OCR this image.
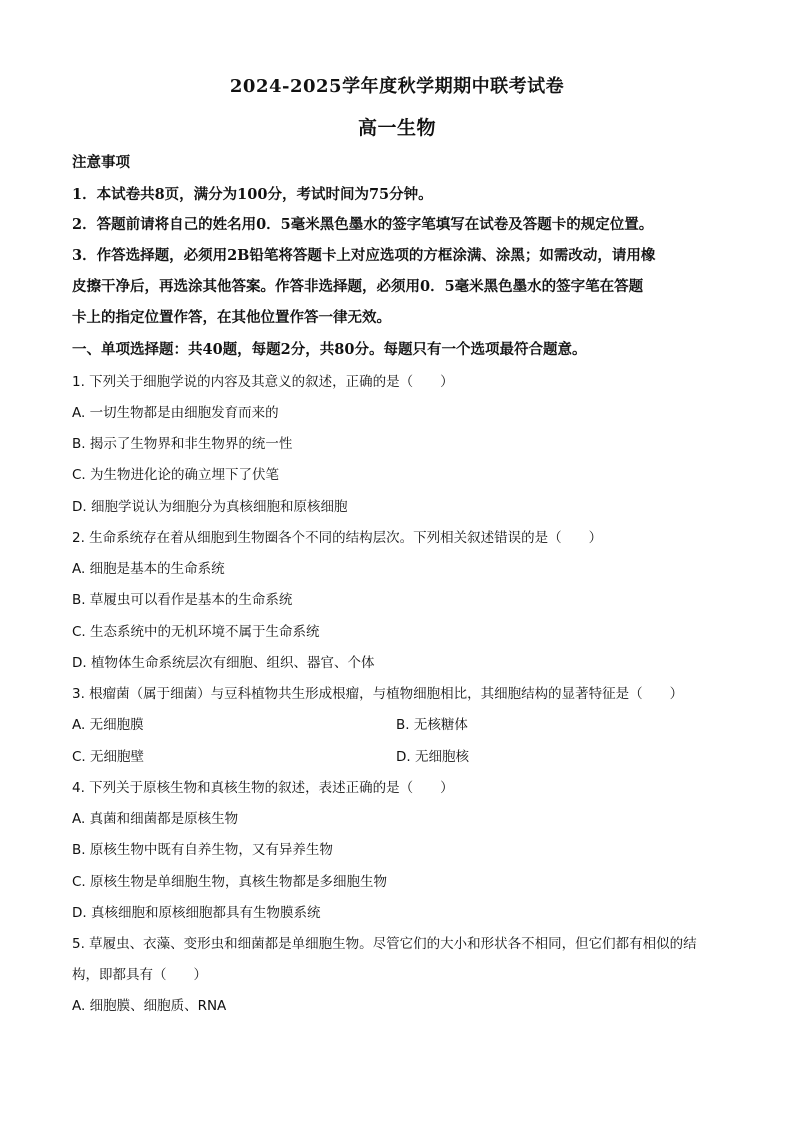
2024-2025学年度秋学期期中联考试卷
高一生物
注意事项
1．本试卷共8页，满分为100分，考试时间为75分钟。
2．答题前请将自己的姓名用0．5毫米黑色墨水的签字笔填写在试卷及答题卡的规定位置。
3．作答选择题，必须用2B铅笔将答题卡上对应选项的方框涂满、涂黑；如需改动，请用橡
皮擦干净后，再选涂其他答案。作答非选择题，必须用0．5毫米黑色墨水的签字笔在答题
卡上的指定位置作答，在其他位置作答一律无效。
一、单项选择题：共40题，每题2分，共80分。每题只有一个选项最符合题意。
1. 下列关于细胞学说的内容及其意义的叙述，正确的是（　　）
A. 一切生物都是由细胞发育而来的
B. 揭示了生物界和非生物界的统一性
C. 为生物进化论的确立埋下了伏笔
D. 细胞学说认为细胞分为真核细胞和原核细胞
2. 生命系统存在着从细胞到生物圈各个不同的结构层次。下列相关叙述错误的是（　　）
A. 细胞是基本的生命系统
B. 草履虫可以看作是基本的生命系统
C. 生态系统中的无机环境不属于生命系统
D. 植物体生命系统层次有细胞、组织、器官、个体
3. 根瘤菌（属于细菌）与豆科植物共生形成根瘤，与植物细胞相比，其细胞结构的显著特征是（　　）
A. 无细胞膜	B. 无核糖体
C. 无细胞壁	D. 无细胞核
4. 下列关于原核生物和真核生物的叙述，表述正确的是（　　）
A. 真菌和细菌都是原核生物
B. 原核生物中既有自养生物，又有异养生物
C. 原核生物是单细胞生物，真核生物都是多细胞生物
D. 真核细胞和原核细胞都具有生物膜系统
5. 草履虫、衣藻、变形虫和细菌都是单细胞生物。尽管它们的大小和形状各不相同，但它们都有相似的结
构，即都具有（　　）
A. 细胞膜、细胞质、RNA
